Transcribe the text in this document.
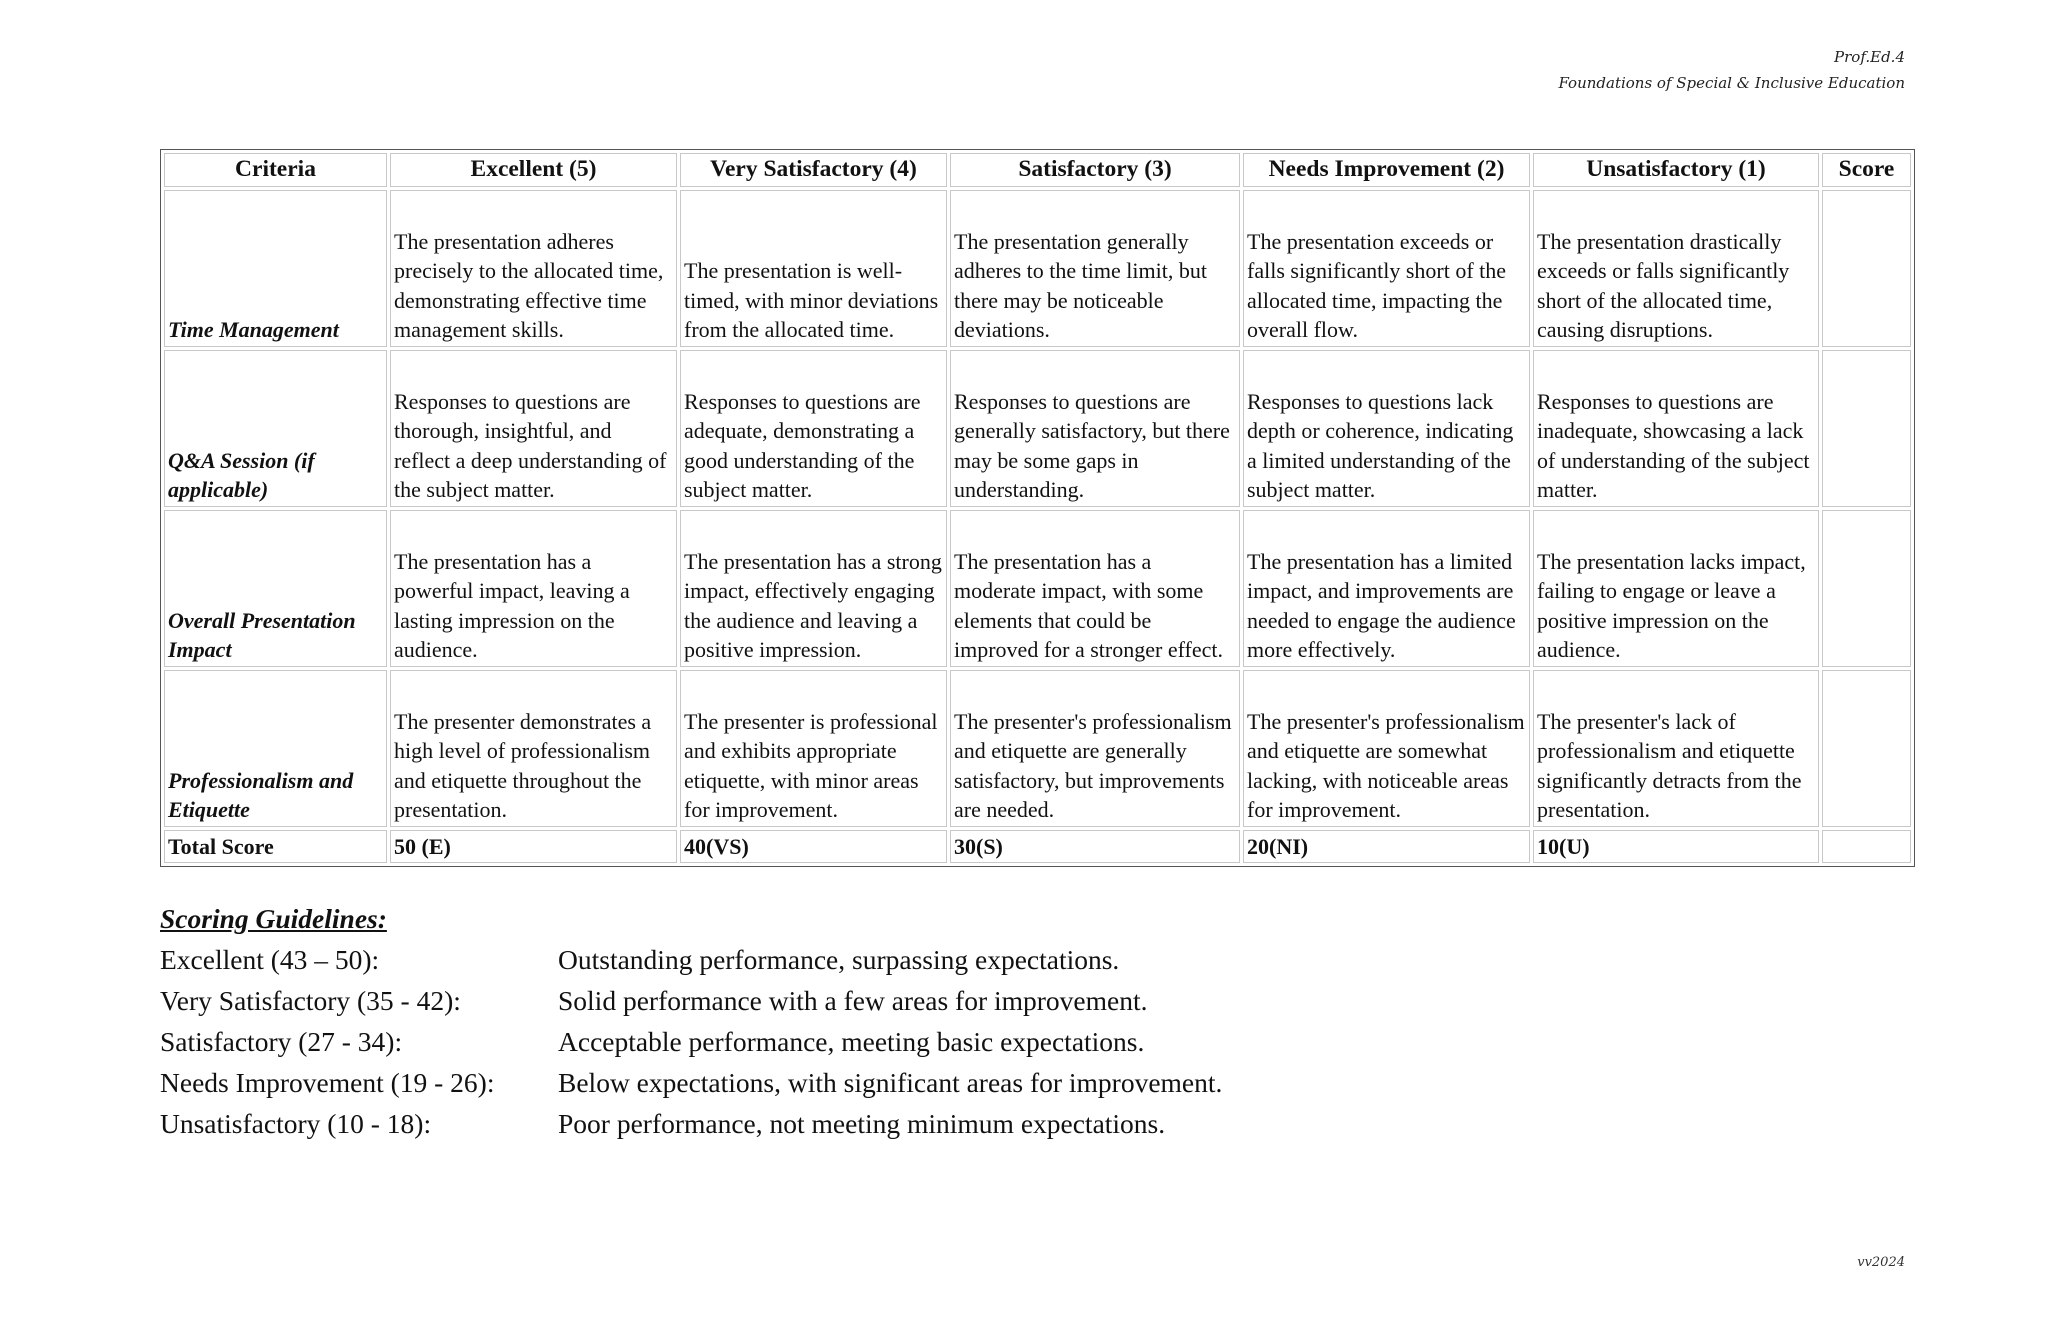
Prof.Ed.4
Foundations of Special & Inclusive Education
Criteria	Excellent (5)	Very Satisfactory (4)	Satisfactory (3)	Needs Improvement (2)	Unsatisfactory (1)	Score
Time Management	The presentation adheres precisely to the allocated time, demonstrating effective time management skills.	The presentation is well-timed, with minor deviations from the allocated time.	The presentation generally adheres to the time limit, but there may be noticeable deviations.	The presentation exceeds or falls significantly short of the allocated time, impacting the overall flow.	The presentation drastically exceeds or falls significantly short of the allocated time, causing disruptions.	
Q&A Session (if applicable)	Responses to questions are thorough, insightful, and reflect a deep understanding of the subject matter.	Responses to questions are adequate, demonstrating a good understanding of the subject matter.	Responses to questions are generally satisfactory, but there may be some gaps in understanding.	Responses to questions lack depth or coherence, indicating a limited understanding of the subject matter.	Responses to questions are inadequate, showcasing a lack of understanding of the subject matter.	
Overall Presentation Impact	The presentation has a powerful impact, leaving a lasting impression on the audience.	The presentation has a strong impact, effectively engaging the audience and leaving a positive impression.	The presentation has a moderate impact, with some elements that could be improved for a stronger effect.	The presentation has a limited impact, and improvements are needed to engage the audience more effectively.	The presentation lacks impact, failing to engage or leave a positive impression on the audience.	
Professionalism and Etiquette	The presenter demonstrates a high level of professionalism and etiquette throughout the presentation.	The presenter is professional and exhibits appropriate etiquette, with minor areas for improvement.	The presenter's professionalism and etiquette are generally satisfactory, but improvements are needed.	The presenter's professionalism and etiquette are somewhat lacking, with noticeable areas for improvement.	The presenter's lack of professionalism and etiquette significantly detracts from the presentation.	
Total Score	50 (E)	40(VS)	30(S)	20(NI)	10(U)	
Scoring Guidelines:
Excellent (43 – 50):	Outstanding performance, surpassing expectations.
Very Satisfactory (35 - 42):	Solid performance with a few areas for improvement.
Satisfactory (27 - 34):	Acceptable performance, meeting basic expectations.
Needs Improvement (19 - 26):	Below expectations, with significant areas for improvement.
Unsatisfactory (10 - 18):	Poor performance, not meeting minimum expectations.
vv2024
